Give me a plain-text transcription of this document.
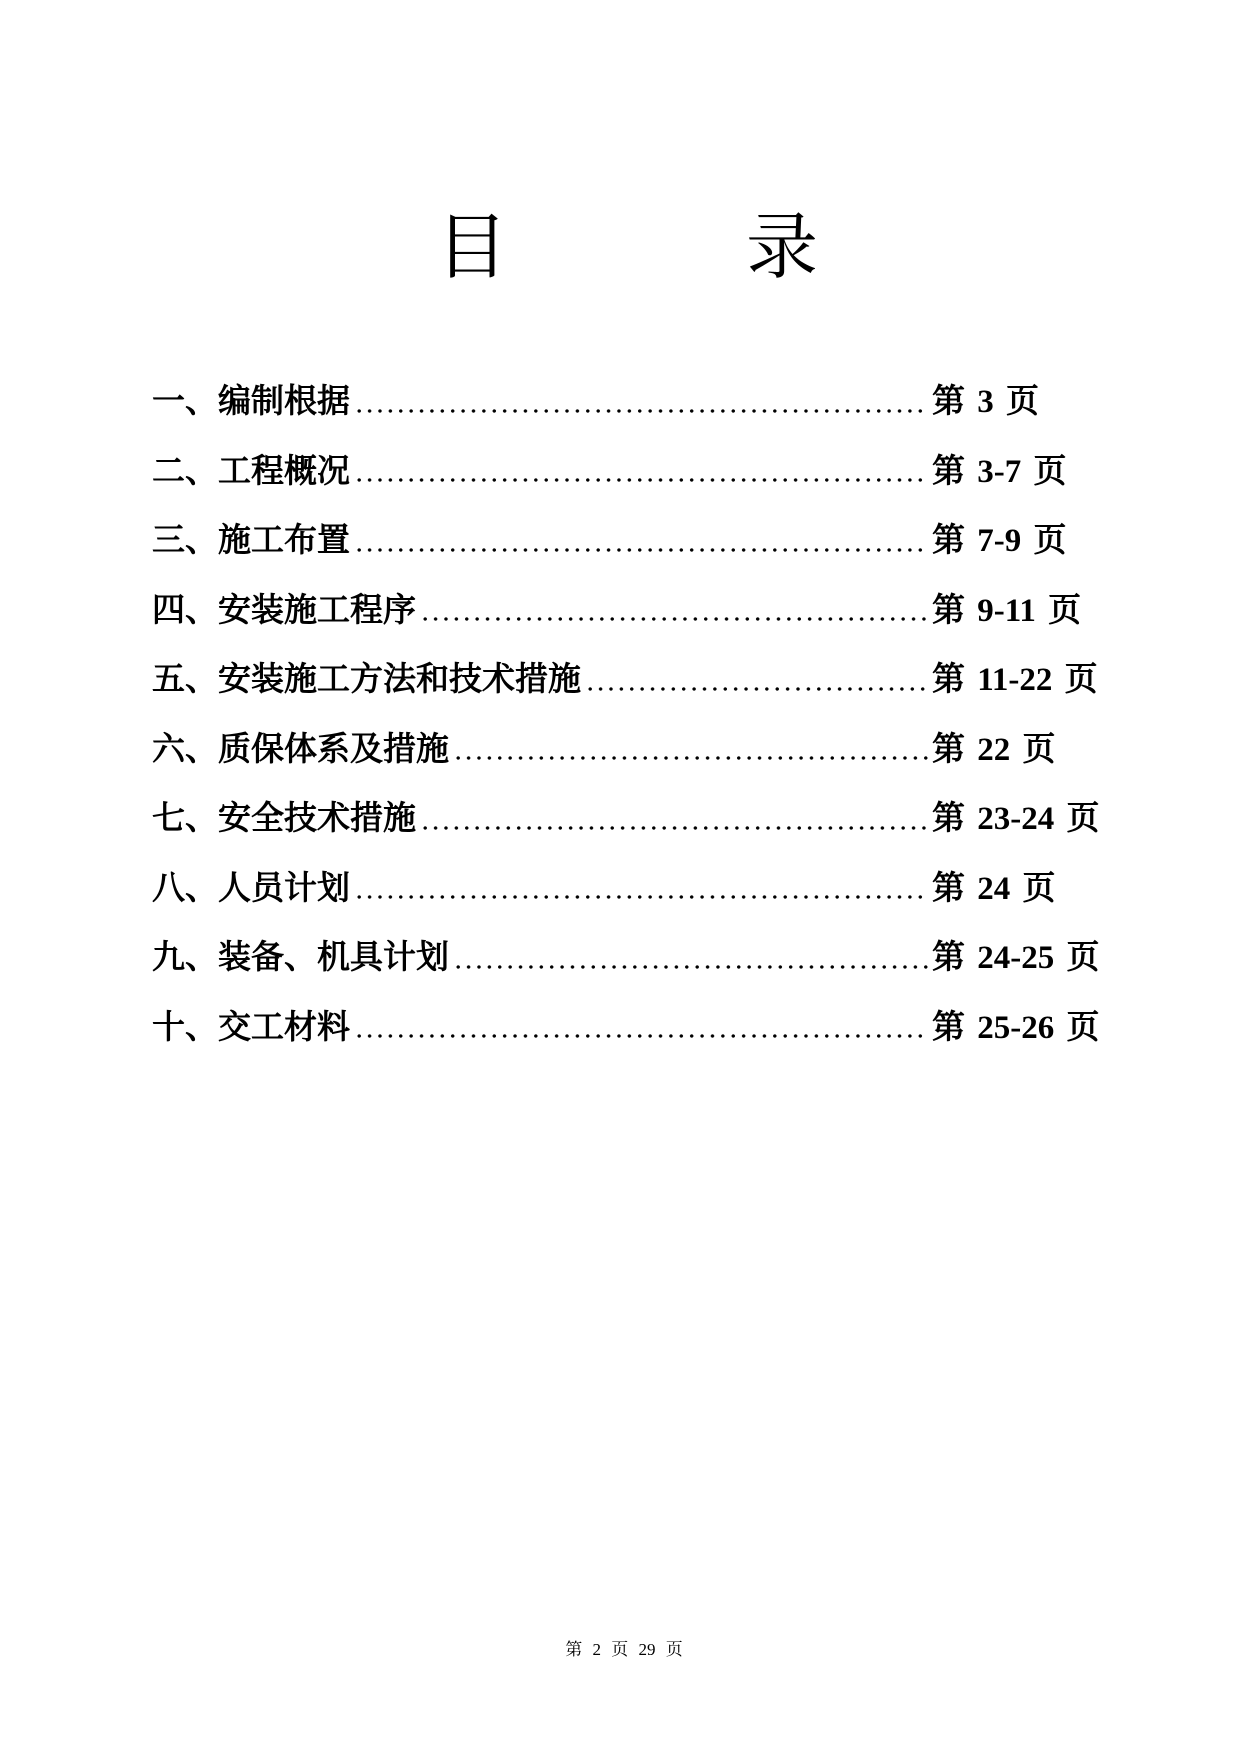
目录
一、编制根据	第 3 页
二、工程概况	第 3-7 页
三、施工布置	第 7-9 页
四、安装施工程序	第 9-11 页
五、安装施工方法和技术措施	第 11-22 页
六、质保体系及措施	第 22 页
七、安全技术措施	第 23-24 页
八、人员计划	第 24 页
九、装备、机具计划	第 24-25 页
十、交工材料	第 25-26 页
第 2 页 29 页
